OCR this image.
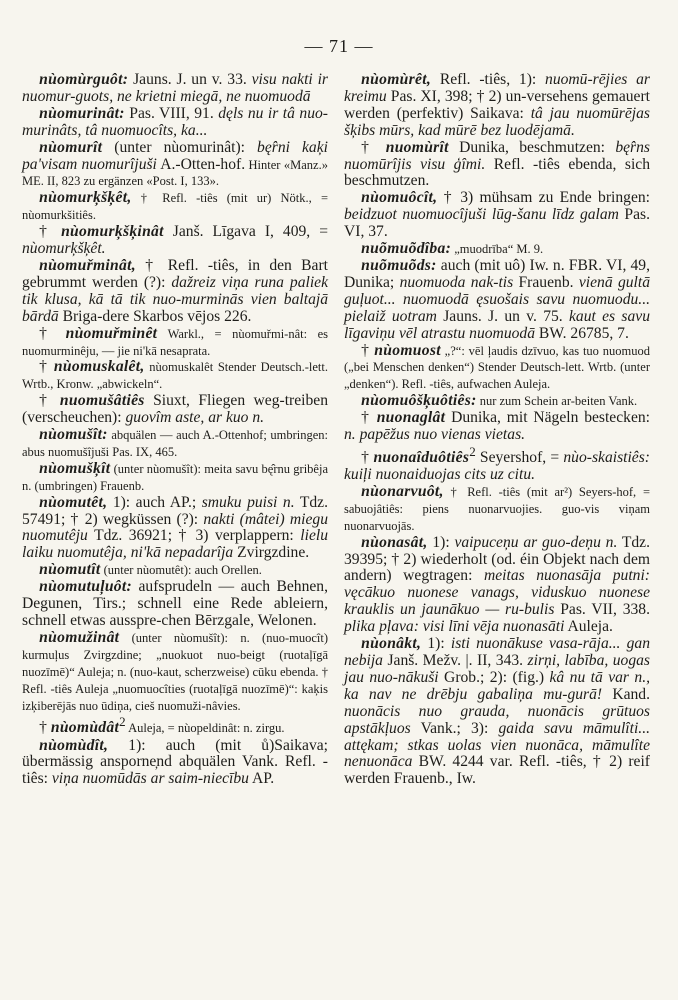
— 71 —

nùomùrguôt: Jauns. J. un v. 33. visu nakti ir nuomur-guots, ne krietni miegā, ne nuomuodā

nùomurinât: Pas. VIII, 91. dęls nu ir tâ nuo-murinâts, tâ nuomuocîts, ka...

nùomurît (unter nùomurinât): bę̂rni kaķi pa'visam nuomurîjuši A.-Otten-hof. Hinter «Manz.» ME. II, 823 zu ergänzen «Post. I, 133».

nùomurķšķêt, † Refl. -tiês (mit ur) Nötk., = nùomurkšitiês.

† nùomurķšķinât Janš. Līgava I, 409, = nùomurķšķêt.

nùomuřminât, † Refl. -tiês, in den Bart gebrummt werden (?): dažreiz viņa runa paliek tik klusa, kā tā tik nuo-murminās vien baltajā bārdā Briga-dere Skarbos vējos 226.

† nùomuřminêt Warkl., = nùomuřmi-nât: es nuomurminêju, — jie ni'kā nesaprata.

† nùomuskalêt, nùomuskalêt Stender Deutsch.-lett. Wrtb., Kronw. „abwickeln“.

† nuomušâtiês Siuxt, Fliegen weg-treiben (verscheuchen): guovîm aste, ar kuo n.

nùomušît: abquälen — auch A.-Ottenhof; umbringen: abus nuomušîjuši Pas. IX, 465.

nùomušķît (unter nùomušît): meita savu bę̂rnu gribêja n. (umbringen) Frauenb.

nùomutêt, 1): auch AP.; smuku puisi n. Tdz. 57491; † 2) wegküssen (?): nakti (mâtei) miegu nuomutêju Tdz. 36921; † 3) verplappern: lielu laiku nuomutêja, ni'kā nepadarîja Zvirgzdine.

nùomutît (unter nùomutêt): auch Orellen.

nùomutuļuôt: aufsprudeln — auch Behnen, Degunen, Tirs.; schnell eine Rede ableiern, schnell etwas ausspre-chen Bērzgale, Welonen.

nùomužinât (unter nùomušît): n. (nuo-muocît) kurmuļus Zvirgzdine; „nuokuot nuo-beigt (ruotaļīgā nuozīmē)“ Auleja; n. (nuo-kaut, scherzweise) cūku ebenda. † Refl. -tiês Auleja „nuomuocîties (ruotaļīgā nuozīmē)“: kaķis izķiberējās nuo ūdiņa, cieš nuomuži-nâvies.

† nùomùdât$^2$ Auleja, = nùopeldinât: n. zirgu.

nùomùdît, 1): auch (mit ů)Saikava; übermässig ansporne̦nd abquälen Vank. Refl. -tiês: viņa nuomūdās ar saim-niecību AP.

nùomùrêt, Refl. -tiês, 1): nuomū-rējies ar kreimu Pas. XI, 398; † 2) un-versehens gemauert werden (perfektiv) Saikava: tâ jau nuomūrējas šķibs mūrs, kad mūrē bez luodējamā.

† nuomùrît Dunika, beschmutzen: bę̂rns nuomūrîjis visu ģîmi. Refl. -tiês ebenda, sich beschmutzen.

nùomuôcît, † 3) mühsam zu Ende bringen: beidzuot nuomuocîjuši lūg-šanu līdz galam Pas. VI, 37.

nuõmuõdîba: „muodrība“ M. 9.

nuõmuõds: auch (mit uô) Iw. n. FBR. VI, 49, Dunika; nuomuoda nak-tis Frauenb. vienā gultā guļuot... nuomuodā ęsuošais savu nuomuodu... pielaiž uotram Jauns. J. un v. 75. kaut es savu līgaviņu vēl atrastu nuomuodā BW. 26785, 7.

† nùomuost „?“: vēl ļaudis dzīvuo, kas tuo nuomuod („bei Menschen denken“) Stender Deutsch-lett. Wrtb. (unter „denken“). Refl. -tiês, aufwachen Auleja.

nùomuôšķuôtiês: nur zum Schein ar-beiten Vank.

† nuonaglât Dunika, mit Nägeln bestecken: n. papēžus nuo vienas vietas.

† nuonaîduôtiês$^2$ Seyershof, = nùo-skaistiês: kuiļi nuonaiduojas cits uz citu.

nùonarvuôt, † Refl. -tiês (mit ar²) Seyers-hof, = sabuojâtiês: piens nuonarvuojies. guo-vis viņam nuonarvuojās.

nùonasât, 1): vaipuceņu ar guo-deņu n. Tdz. 39395; † 2) wiederholt (od. éin Objekt nach dem andern) wegtragen: meitas nuonasāja putni: vęcākuo nuonese vanags, viduskuo nuonese krauklis un jaunākuo — ru-bulis Pas. VII, 338. plika pļava: visi līni vēja nuonasāti Auleja.

nùonâkt, 1): isti nuonākuse vasa-rāja... gan nebija Janš. Mežv. |. II, 343. zirņi, labība, uogas jau nuo-nākuši Grob.; 2): (fig.) kâ nu tā var n., ka nav ne drēbju gabaliņa mu-gurā! Kand. nuonācis nuo grauda, nuonācis grūtuos apstākļuos Vank.; 3): gaida savu māmulîti... attękam; stkas uolas vien nuonāca, māmulîte nenuonāca BW. 4244 var. Refl. -tiês, † 2) reif werden Frauenb., Iw.
